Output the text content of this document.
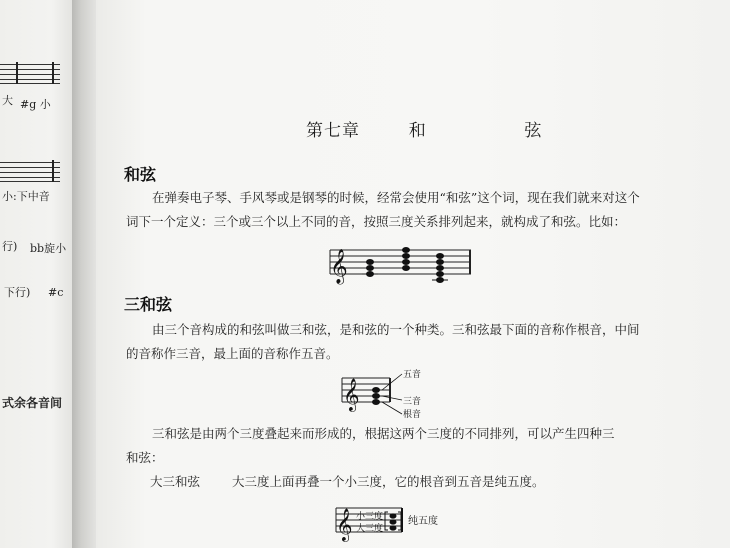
大 #g 小
小:下中音
行) bb旋小
下行) #c
式余各音间
第七章  和    弦
和弦
在弹奏电子琴、手风琴或是钢琴的时候，经常会使用“和弦”这个词，现在我们就来对这个
词下一个定义：三个或三个以上不同的音，按照三度关系排列起来，就构成了和弦。比如：
𝄞
三和弦
由三个音构成的和弦叫做三和弦，是和弦的一个种类。三和弦最下面的音称作根音，中间
的音称作三音，最上面的音称作五音。
𝄞
五音
三音
根音
三和弦是由两个三度叠起来而形成的，根据这两个三度的不同排列，可以产生四种三
和弦：
大三和弦	大三度上面再叠一个小三度，它的根音到五音是纯五度。
𝄞 小三度
大三度
纯五度
